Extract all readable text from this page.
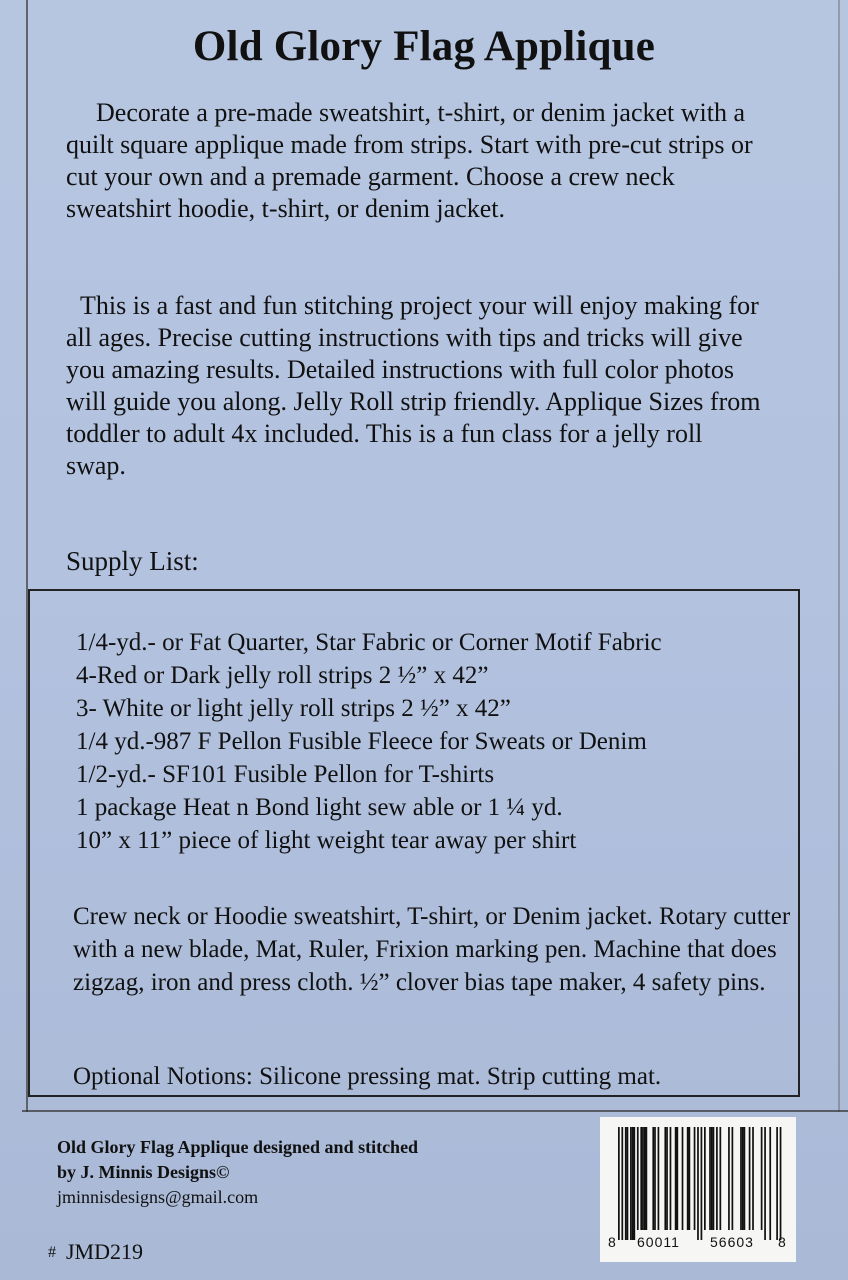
Old Glory Flag Applique

Decorate a pre-made sweatshirt, t-shirt, or denim jacket with a quilt square applique made from strips. Start with pre-cut strips or cut your own and a premade garment. Choose a crew neck sweatshirt hoodie, t-shirt, or denim jacket.

This is a fast and fun stitching project your will enjoy making for all ages. Precise cutting instructions with tips and tricks will give you amazing results. Detailed instructions with full color photos will guide you along. Jelly Roll strip friendly. Applique Sizes from toddler to adult 4x included. This is a fun class for a jelly roll swap.

Supply List:
1/4-yd.- or Fat Quarter, Star Fabric or Corner Motif Fabric
4-Red or Dark jelly roll strips 2 ½” x 42”
3- White or light jelly roll strips 2 ½” x 42”
1/4 yd.-987 F Pellon Fusible Fleece for Sweats or Denim
1/2-yd.- SF101 Fusible Pellon for T-shirts
1 package Heat n Bond light sew able or 1 ¼ yd.
10” x 11” piece of light weight tear away per shirt

Crew neck or Hoodie sweatshirt, T-shirt, or Denim jacket. Rotary cutter with a new blade, Mat, Ruler, Frixion marking pen. Machine that does zigzag, iron and press cloth. ½” clover bias tape maker, 4 safety pins.

Optional Notions: Silicone pressing mat. Strip cutting mat.
Old Glory Flag Applique designed and stitched
by J. Minnis Designs©
jminnisdesigns@gmail.com
# JMD219	8 60011 56603 8
